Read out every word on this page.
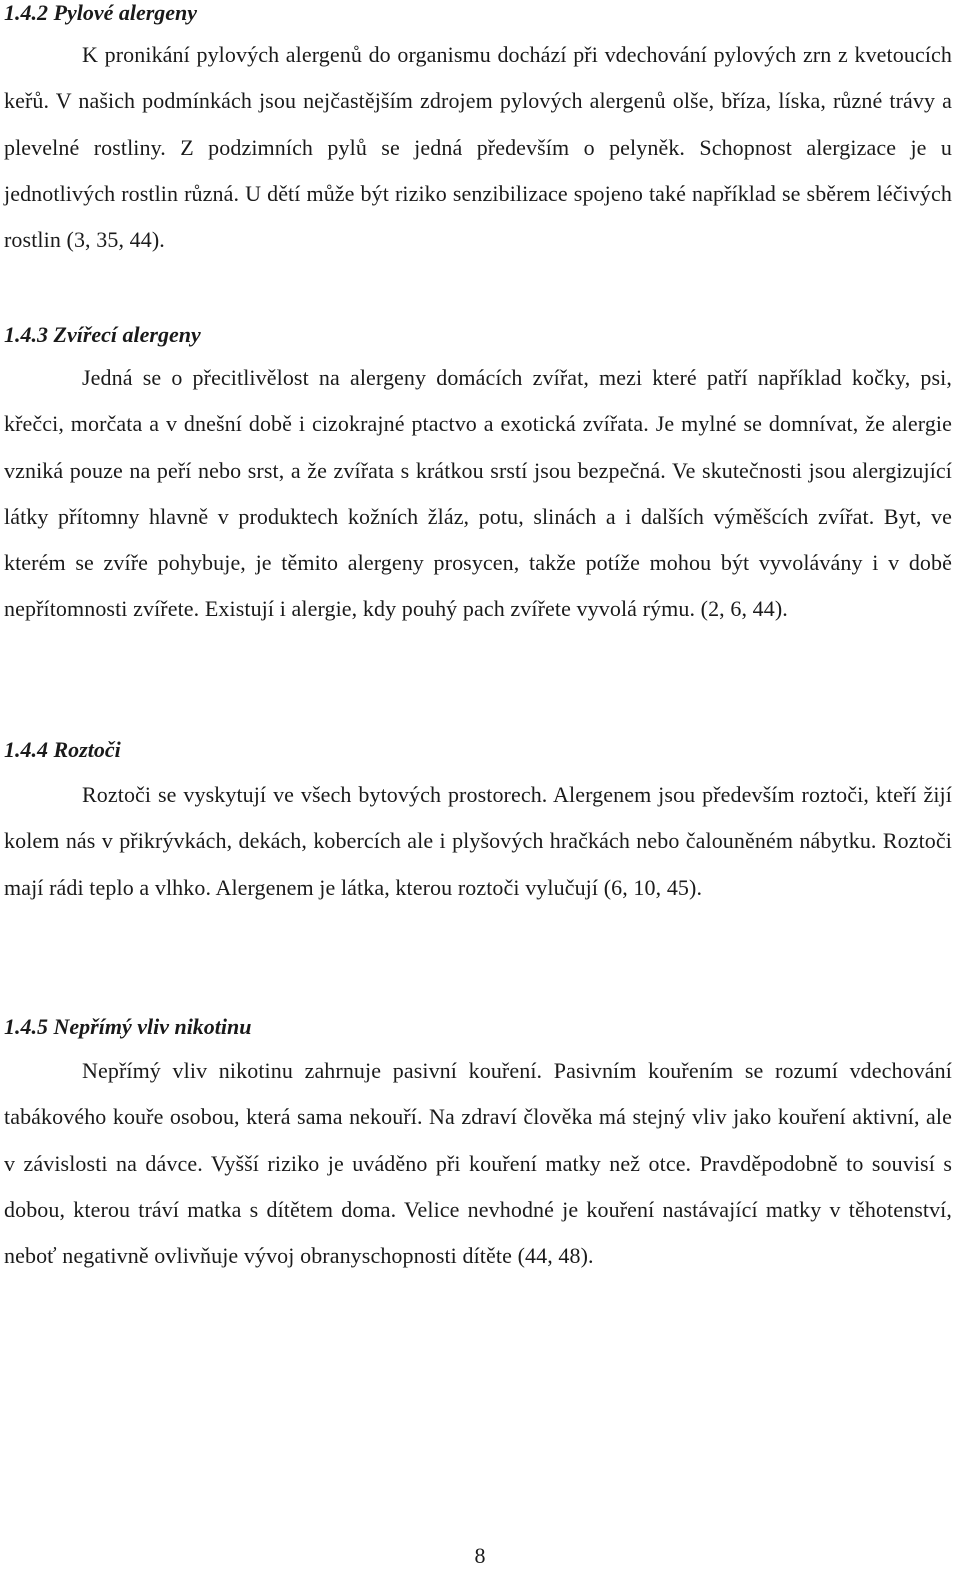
1.4.2 Pylové alergeny

K pronikání pylových alergenů do organismu dochází při vdechování pylových zrn z kvetoucích keřů. V našich podmínkách jsou nejčastějším zdrojem pylových alergenů olše, bříza, líska, různé trávy a plevelné rostliny. Z podzimních pylů se jedná především o pelyněk. Schopnost alergizace je u jednotlivých rostlin různá. U dětí může být riziko senzibilizace spojeno také například se sběrem léčivých rostlin (3, 35, 44).

1.4.3 Zvířecí alergeny

Jedná se o přecitlivělost na alergeny domácích zvířat, mezi které patří například kočky, psi, křečci, morčata a v dnešní době i cizokrajné ptactvo a exotická zvířata. Je mylné se domnívat, že alergie vzniká pouze na peří nebo srst, a že zvířata s krátkou srstí jsou bezpečná. Ve skutečnosti jsou alergizující látky přítomny hlavně v produktech kožních žláz, potu, slinách a i dalších výměšcích zvířat. Byt, ve kterém se zvíře pohybuje, je těmito alergeny prosycen, takže potíže mohou být vyvolávány i v době nepřítomnosti zvířete. Existují i alergie, kdy pouhý pach zvířete vyvolá rýmu. (2, 6, 44).

1.4.4 Roztoči

Roztoči se vyskytují ve všech bytových prostorech. Alergenem jsou především roztoči, kteří žijí kolem nás v přikrývkách, dekách, kobercích ale i plyšových hračkách nebo čalouněném nábytku. Roztoči mají rádi teplo a vlhko. Alergenem je látka, kterou roztoči vylučují (6, 10, 45).

1.4.5 Nepřímý vliv nikotinu

Nepřímý vliv nikotinu zahrnuje pasivní kouření. Pasivním kouřením se rozumí vdechování tabákového kouře osobou, která sama nekouří. Na zdraví člověka má stejný vliv jako kouření aktivní, ale v závislosti na dávce. Vyšší riziko je uváděno při kouření matky než otce. Pravděpodobně to souvisí s dobou, kterou tráví matka s dítětem doma. Velice nevhodné je kouření nastávající matky v těhotenství, neboť negativně ovlivňuje vývoj obranyschopnosti dítěte (44, 48).

8
